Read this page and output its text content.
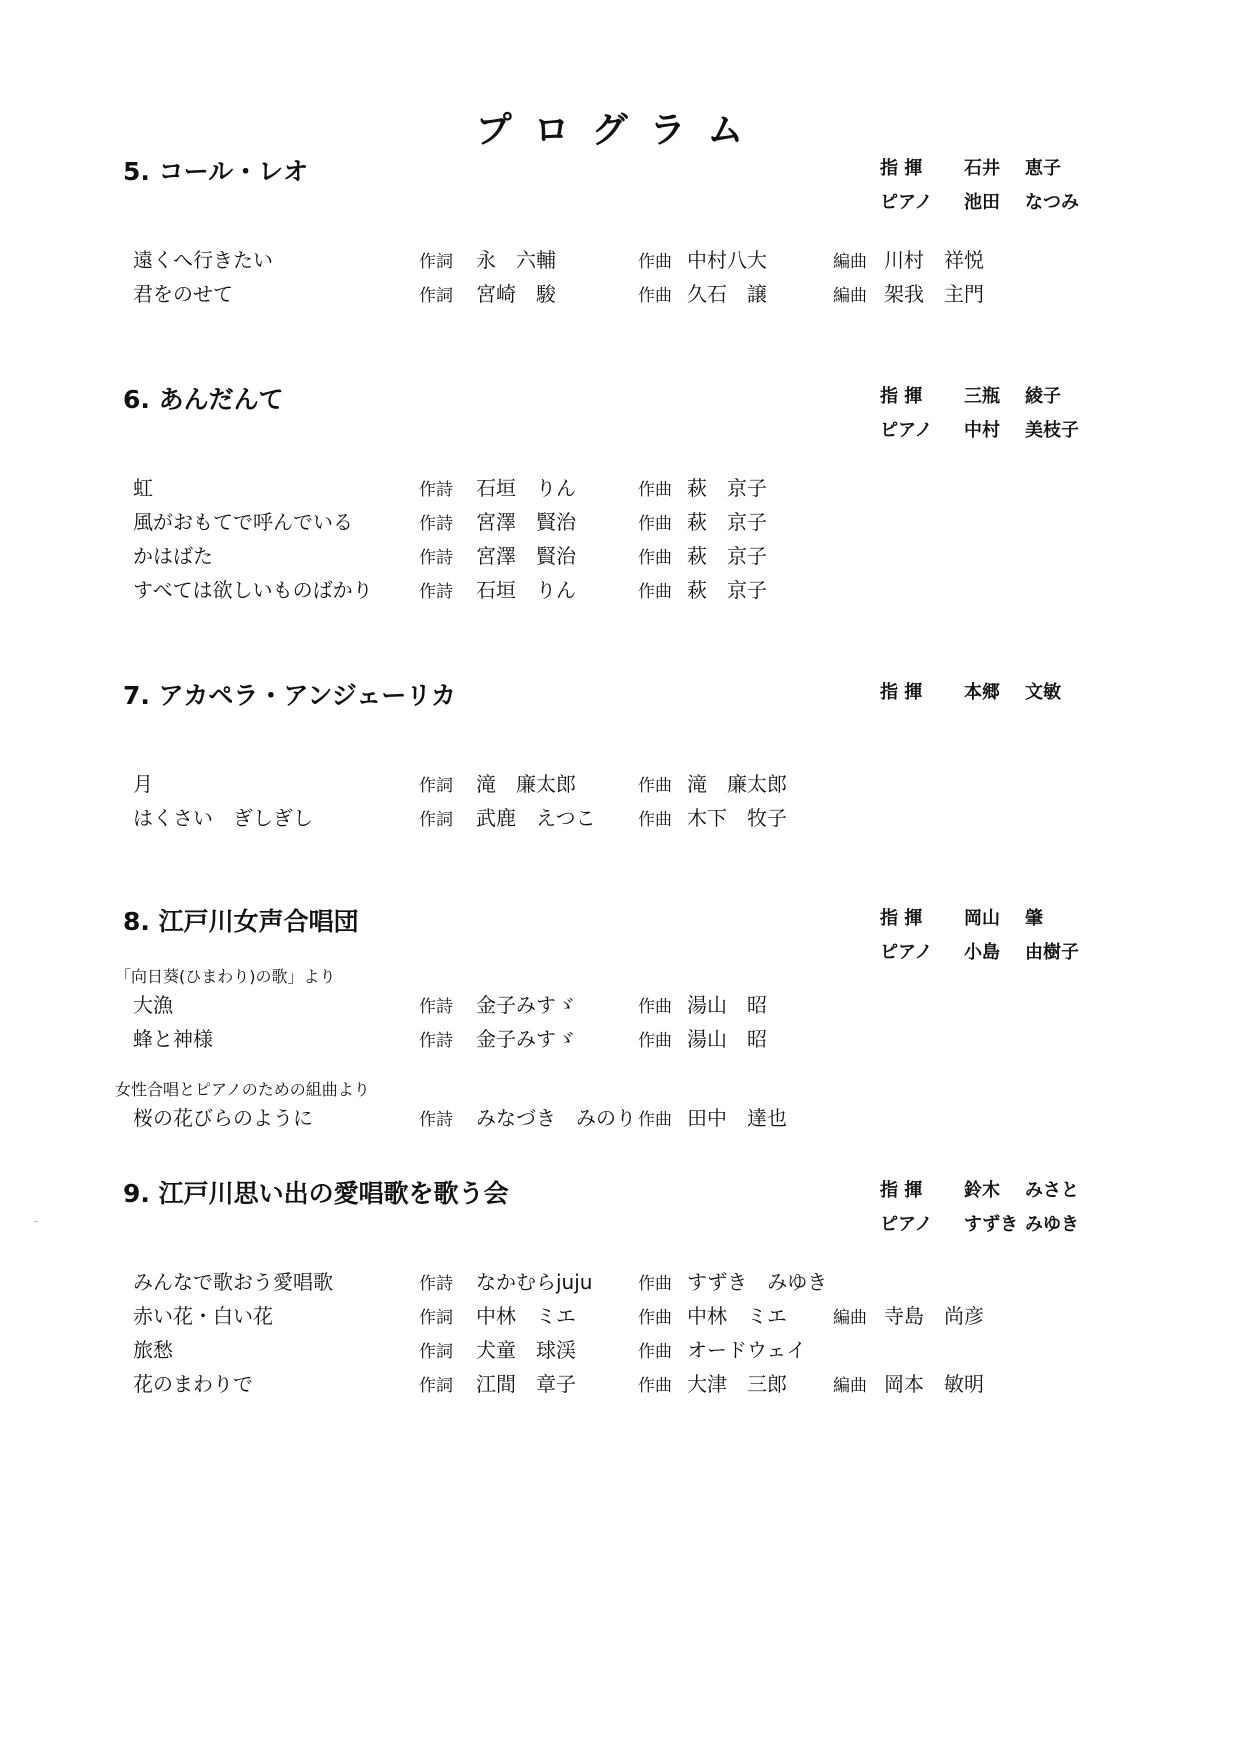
プログラム
5. コール・レオ	指 揮 石井 恵子
ピアノ 池田 なつみ
遠くへ行きたい	作詞 永　六輔	作曲 中村八大	編曲 川村　祥悦
君をのせて	作詞 宮崎　駿	作曲 久石　譲	編曲 架我　主門
6. あんだんて	指 揮 三瓶 綾子
ピアノ 中村 美枝子
虹	作詩 石垣　りん	作曲 萩　京子
風がおもてで呼んでいる	作詩 宮澤　賢治	作曲 萩　京子
かはばた	作詩 宮澤　賢治	作曲 萩　京子
すべては欲しいものばかり	作詩 石垣　りん	作曲 萩　京子
7. アカペラ・アンジェーリカ	指 揮 本郷 文敏
月	作詞 滝　廉太郎	作曲 滝　廉太郎
はくさい　ぎしぎし	作詞 武鹿　えつこ 作曲 木下　牧子
8. 江戸川女声合唱団	指 揮 岡山 肇
ピアノ 小島 由樹子
「向日葵(ひまわり)の歌」より
大漁	作詩 金子みすゞ	作曲 湯山　昭
蜂と神様	作詩 金子みすゞ	作曲 湯山　昭
女性合唱とピアノのための組曲より
桜の花びらのように	作詩 みなづき　みのり 作曲 田中　達也
9. 江戸川思い出の愛唱歌を歌う会	指 揮 鈴木 みさと
ピアノ すずき みゆき
みんなで歌おう愛唱歌	作詩 なかむらjuju	作曲 すずき　みゆき
赤い花・白い花	作詞 中林　ミエ	作曲 中林　ミエ	編曲 寺島　尚彦
旅愁	作詞 犬童　球渓	作曲 オードウェイ
花のまわりで	作詞 江間　章子	作曲 大津　三郎	編曲 岡本　敏明
